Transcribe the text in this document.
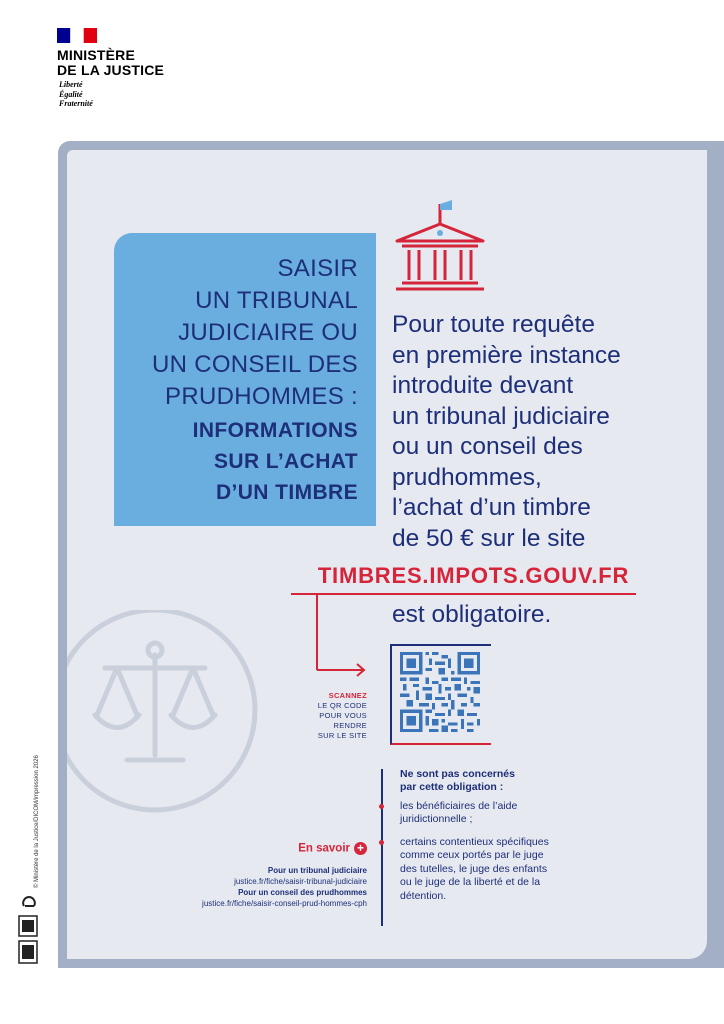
MINISTÈRE
DE LA JUSTICE
Liberté
Égalité
Fraternité
SAISIR
UN TRIBUNAL
JUDICIAIRE OU
UN CONSEIL DES
PRUDHOMMES :
INFORMATIONS
SUR L’ACHAT
D’UN TIMBRE
Pour toute requête
en première instance
introduite devant
un tribunal judiciaire
ou un conseil des
prudhommes,
l’achat d’un timbre
de 50 € sur le site
TIMBRES.IMPOTS.GOUV.FR
est obligatoire.
SCANNEZ
LE QR CODE
POUR VOUS
RENDRE
SUR LE SITE
Ne sont pas concernés
par cette obligation :
les bénéficiaires de l’aide
juridictionnelle ;
certains contentieux spécifiques
comme ceux portés par le juge
des tutelles, le juge des enfants
ou le juge de la liberté et de la
détention.
En savoir +
Pour un tribunal judiciaire
justice.fr/fiche/saisir-tribunal-judiciaire
Pour un conseil des prudhommes
justice.fr/fiche/saisir-conseil-prud-hommes-cph
© Ministère de la Justice/DICOM/impression 2026
